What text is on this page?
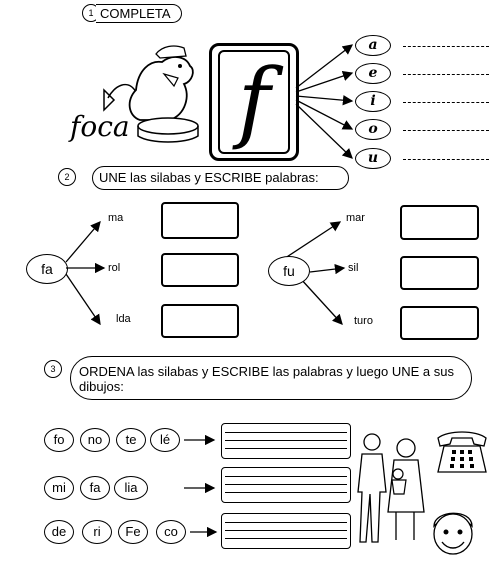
1 COMPLETA
foca f
a
e
i
o
u
2	UNE las silabas y ESCRIBE palabras:
fa
ma
rol
lda
fu
mar
sil
turo
3	ORDENA las silabas y ESCRIBE las palabras y luego UNE a sus dibujos:
fo	no	te	lé
mi	fa	lia
de	ri	Fe	co
